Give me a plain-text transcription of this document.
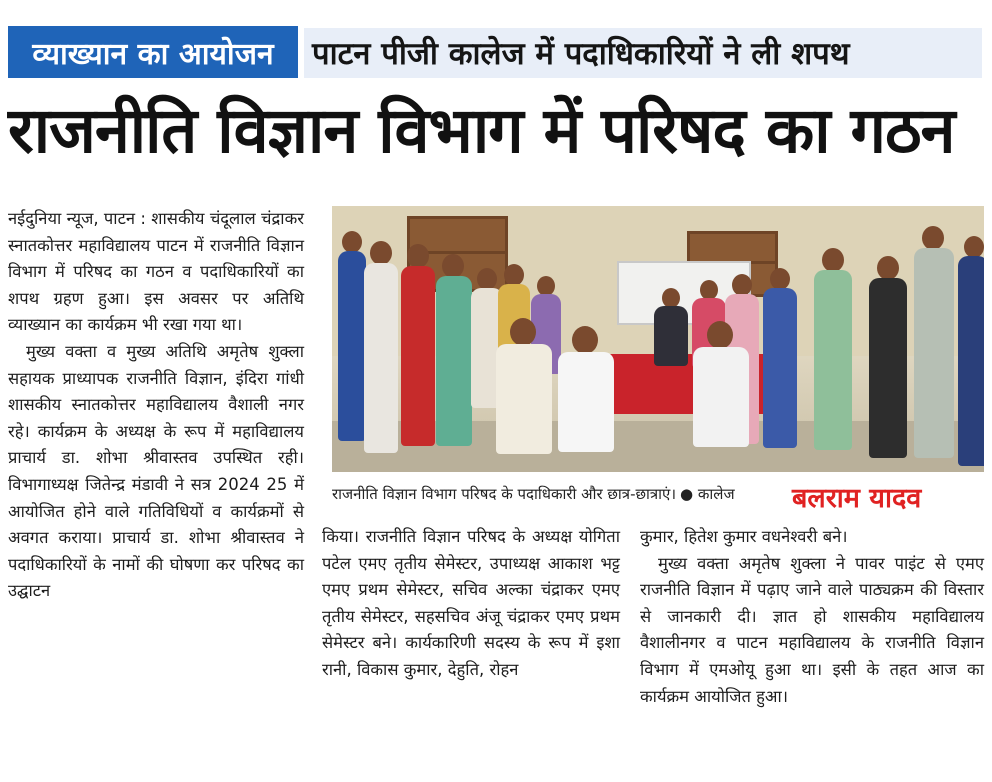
व्याख्यान का आयोजन	पाटन पीजी कालेज में पदाधिकारियों ने ली शपथ
राजनीति विज्ञान विभाग में परिषद का गठन

नईदुनिया न्यूज, पाटन : शासकीय चंदूलाल चंद्राकर स्नातकोत्तर महाविद्यालय पाटन में राजनीति विज्ञान विभाग में परिषद का गठन व पदाधिकारियों का शपथ ग्रहण हुआ। इस अवसर पर अतिथि व्याख्यान का कार्यक्रम भी रखा गया था।

मुख्य वक्ता व मुख्य अतिथि अमृतेष शुक्ला सहायक प्राध्यापक राजनीति विज्ञान, इंदिरा गांधी शासकीय स्नातकोत्तर महाविद्यालय वैशाली नगर रहे। कार्यक्रम के अध्यक्ष के रूप में महाविद्यालय प्राचार्य डा. शोभा श्रीवास्तव उपस्थित रही। विभागाध्यक्ष जितेन्द्र मंडावी ने सत्र 2024 25 में आयोजित होने वाले गतिविधियों व कार्यक्रमों से अवगत कराया। प्राचार्य डा. शोभा श्रीवास्तव ने पदाधिकारियों के नामों की घोषणा कर परिषद का उद्घाटन

राजनीति विज्ञान विभाग परिषद के पदाधिकारी और छात्र-छात्राएं। ● कालेज बलराम यादव

किया। राजनीति विज्ञान परिषद के अध्यक्ष योगिता पटेल एमए तृतीय सेमेस्टर, उपाध्यक्ष आकाश भट्ट एमए प्रथम सेमेस्टर, सचिव अल्का चंद्राकर एमए तृतीय सेमेस्टर, सहसचिव अंजू चंद्राकर एमए प्रथम सेमेस्टर बने। कार्यकारिणी सदस्य के रूप में इशा रानी, विकास कुमार, देहुति, रोहन

कुमार, हितेश कुमार वधनेश्वरी बने।

मुख्य वक्ता अमृतेष शुक्ला ने पावर पाइंट से एमए राजनीति विज्ञान में पढ़ाए जाने वाले पाठ्यक्रम की विस्तार से जानकारी दी। ज्ञात हो शासकीय महाविद्यालय वैशालीनगर व पाटन महाविद्यालय के राजनीति विज्ञान विभाग में एमओयू हुआ था। इसी के तहत आज का कार्यक्रम आयोजित हुआ।
